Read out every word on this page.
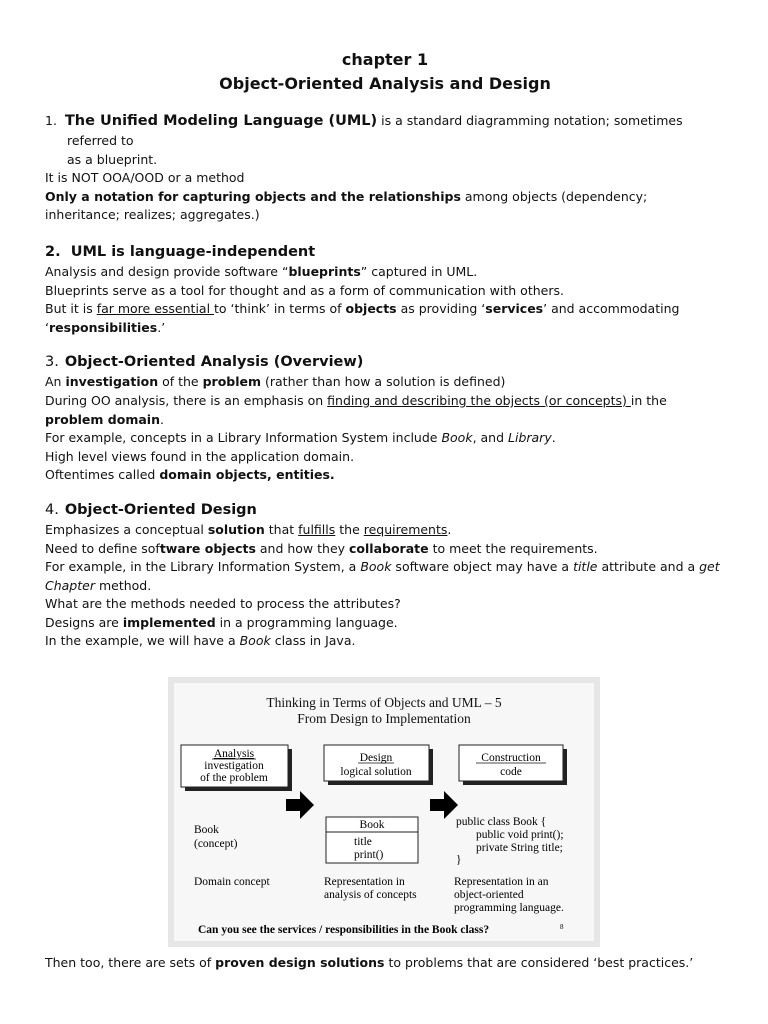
chapter 1
Object-Oriented Analysis and Design
1. The Unified Modeling Language (UML) is a standard diagramming notation; sometimes referred to
as a blueprint.

It is NOT OOA/OOD or a method

Only a notation for capturing objects and the relationships among objects (dependency; inheritance; realizes; aggregates.)

2. UML is language-independent

Analysis and design provide software “blueprints” captured in UML.

Blueprints serve as a tool for thought and as a form of communication with others.

But it is far more essential to ‘think’ in terms of objects as providing ‘services’ and accommodating ‘responsibilities.’

3. Object-Oriented Analysis (Overview)

An investigation of the problem (rather than how a solution is defined)

During OO analysis, there is an emphasis on finding and describing the objects (or concepts) in the problem domain.

For example, concepts in a Library Information System include Book, and Library.

High level views found in the application domain.

Oftentimes called domain objects, entities.

4. Object-Oriented Design

Emphasizes a conceptual solution that fulfills the requirements.

Need to define software objects and how they collaborate to meet the requirements.

For example, in the Library Information System, a Book software object may have a title attribute and a get Chapter method.

What are the methods needed to process the attributes?

Designs are implemented in a programming language.

In the example, we will have a Book class in Java.

Thinking in Terms of Objects and UML – 5
From Design to Implementation
Analysis
investigation
of the problem
Design
logical solution
Construction
code
Book
(concept)
Domain concept
Book
title
print()
Representation in
analysis of concepts
public class Book {
public void print();
private String title;
}
Representation in an
object-oriented
programming language.
Can you see the services / responsibilities in the Book class?	8

Then too, there are sets of proven design solutions to problems that are considered ‘best practices.’
